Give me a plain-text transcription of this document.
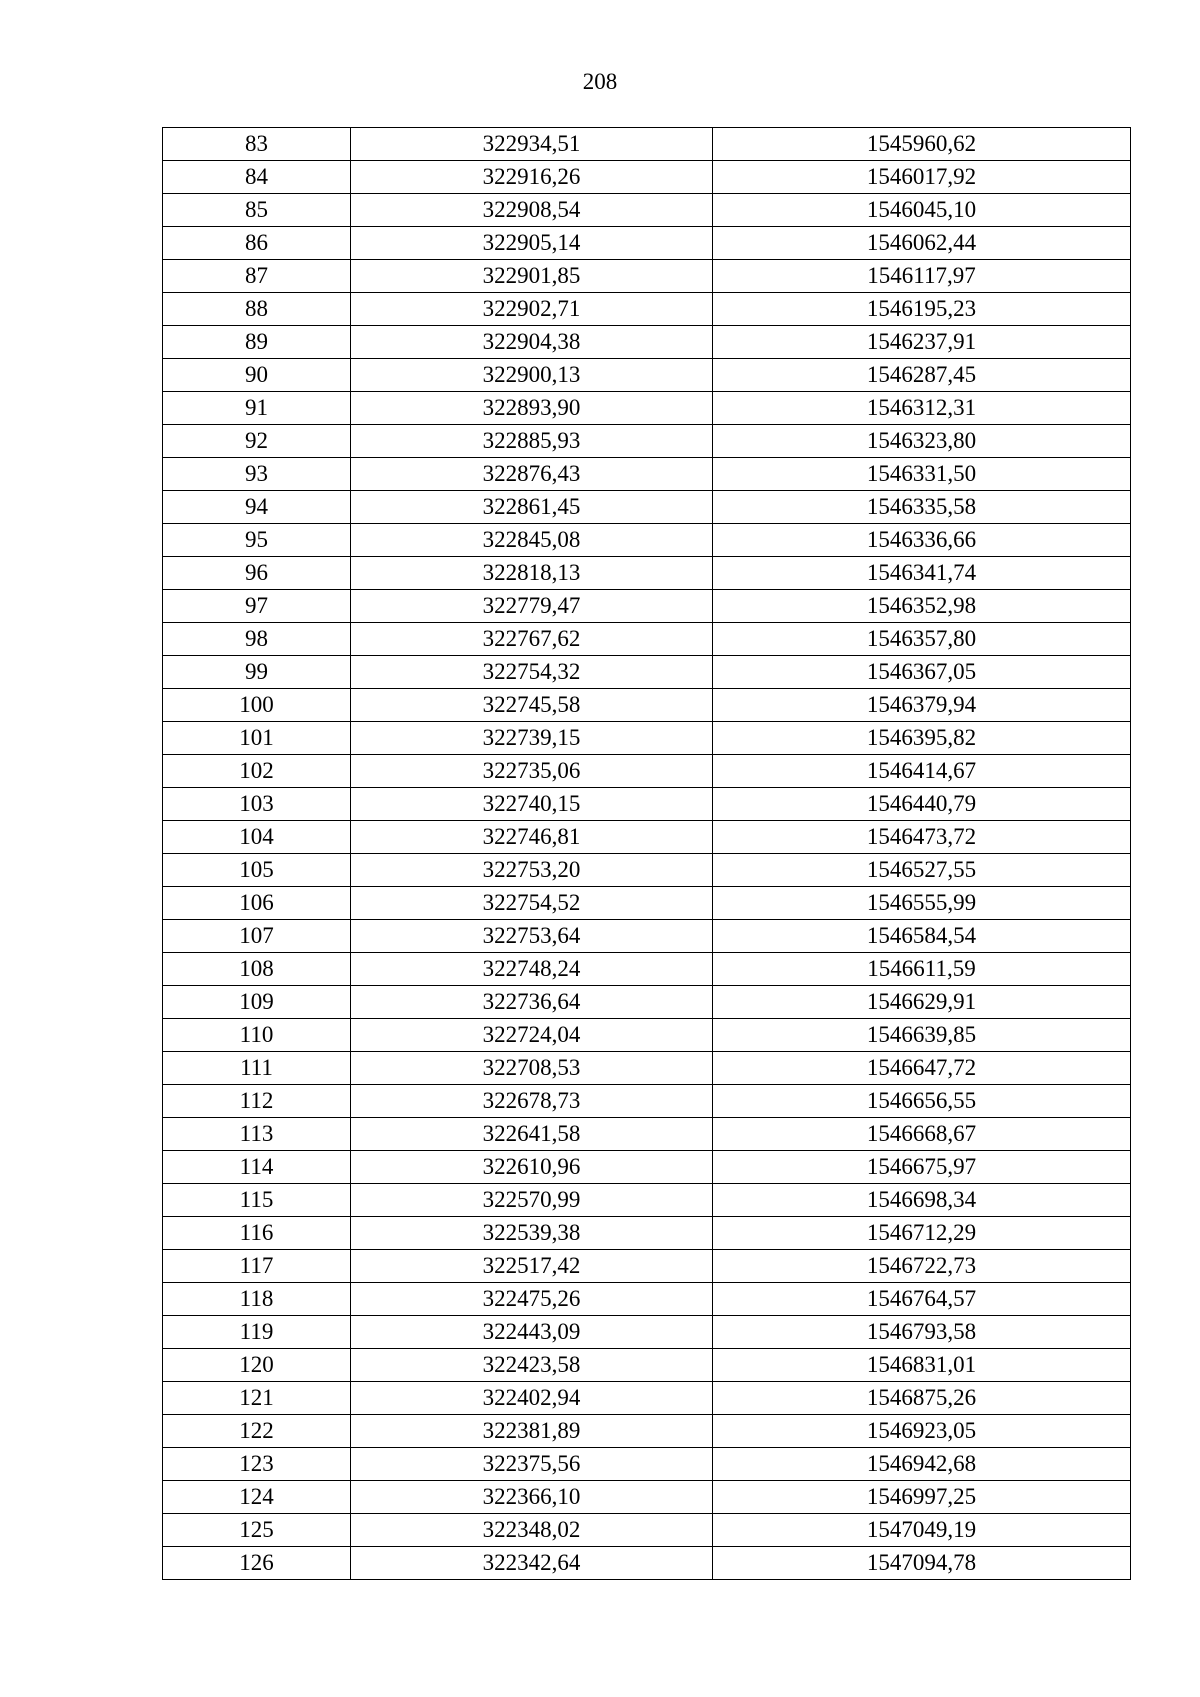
208
83	322934,51	1545960,62
84	322916,26	1546017,92
85	322908,54	1546045,10
86	322905,14	1546062,44
87	322901,85	1546117,97
88	322902,71	1546195,23
89	322904,38	1546237,91
90	322900,13	1546287,45
91	322893,90	1546312,31
92	322885,93	1546323,80
93	322876,43	1546331,50
94	322861,45	1546335,58
95	322845,08	1546336,66
96	322818,13	1546341,74
97	322779,47	1546352,98
98	322767,62	1546357,80
99	322754,32	1546367,05
100	322745,58	1546379,94
101	322739,15	1546395,82
102	322735,06	1546414,67
103	322740,15	1546440,79
104	322746,81	1546473,72
105	322753,20	1546527,55
106	322754,52	1546555,99
107	322753,64	1546584,54
108	322748,24	1546611,59
109	322736,64	1546629,91
110	322724,04	1546639,85
111	322708,53	1546647,72
112	322678,73	1546656,55
113	322641,58	1546668,67
114	322610,96	1546675,97
115	322570,99	1546698,34
116	322539,38	1546712,29
117	322517,42	1546722,73
118	322475,26	1546764,57
119	322443,09	1546793,58
120	322423,58	1546831,01
121	322402,94	1546875,26
122	322381,89	1546923,05
123	322375,56	1546942,68
124	322366,10	1546997,25
125	322348,02	1547049,19
126	322342,64	1547094,78
